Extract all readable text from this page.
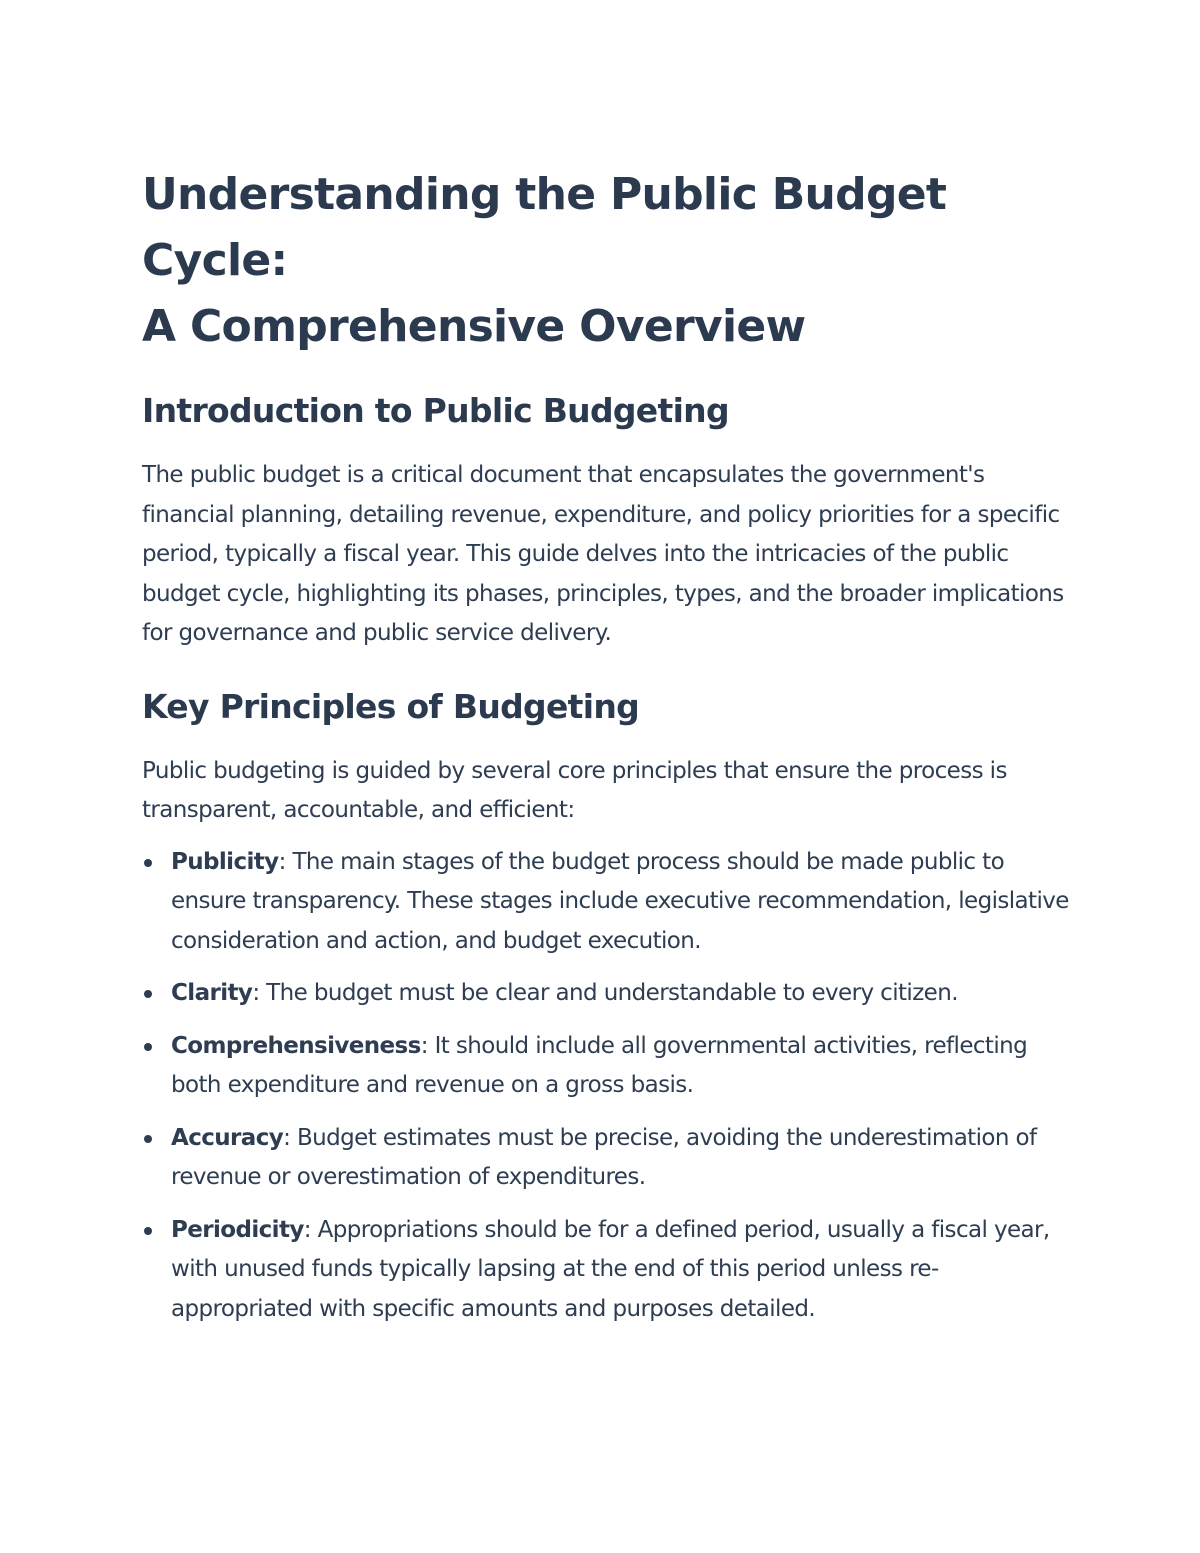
Understanding the Public Budget Cycle:
A Comprehensive Overview
Introduction to Public Budgeting

The public budget is a critical document that encapsulates the government's financial planning, detailing revenue, expenditure, and policy priorities for a specific period, typically a fiscal year. This guide delves into the intricacies of the public budget cycle, highlighting its phases, principles, types, and the broader implications for governance and public service delivery.

Key Principles of Budgeting

Public budgeting is guided by several core principles that ensure the process is transparent, accountable, and efficient:

Publicity: The main stages of the budget process should be made public to ensure transparency. These stages include executive recommendation, legislative consideration and action, and budget execution.
Clarity: The budget must be clear and understandable to every citizen.
Comprehensiveness: It should include all governmental activities, reflecting both expenditure and revenue on a gross basis.
Accuracy: Budget estimates must be precise, avoiding the underestimation of revenue or overestimation of expenditures.
Periodicity: Appropriations should be for a defined period, usually a fiscal year, with unused funds typically lapsing at the end of this period unless re-appropriated with specific amounts and purposes detailed.
